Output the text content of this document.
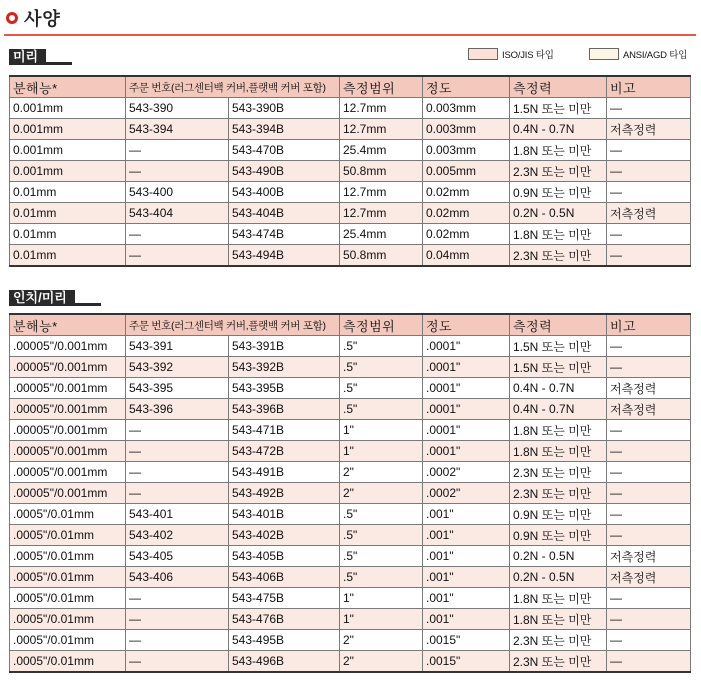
사양
미리	ISO/JIS 타입	ANSI/AGD 타입
분해능*	주문 번호(러그센터백 커버,플랫백 커버 포함)		측정범위	정도	측정력	비고
0.001mm	543-390	543-390B	12.7mm	0.003mm	1.5N 또는 미만	—
0.001mm	543-394	543-394B	12.7mm	0.003mm	0.4N - 0.7N	저측정력
0.001mm	—	543-470B	25.4mm	0.003mm	1.8N 또는 미만	—
0.001mm	—	543-490B	50.8mm	0.005mm	2.3N 또는 미만	—
0.01mm	543-400	543-400B	12.7mm	0.02mm	0.9N 또는 미만	—
0.01mm	543-404	543-404B	12.7mm	0.02mm	0.2N - 0.5N	저측정력
0.01mm	—	543-474B	25.4mm	0.02mm	1.8N 또는 미만	—
0.01mm	—	543-494B	50.8mm	0.04mm	2.3N 또는 미만	—
인치/미리
분해능*	주문 번호(러그센터백 커버,플랫백 커버 포함)		측정범위	정도	측정력	비고
.00005"/0.001mm	543-391	543-391B	.5"	.0001"	1.5N 또는 미만	—
.00005"/0.001mm	543-392	543-392B	.5"	.0001"	1.5N 또는 미만	—
.00005"/0.001mm	543-395	543-395B	.5"	.0001"	0.4N - 0.7N	저측정력
.00005"/0.001mm	543-396	543-396B	.5"	.0001"	0.4N - 0.7N	저측정력
.00005"/0.001mm	—	543-471B	1"	.0001"	1.8N 또는 미만	—
.00005"/0.001mm	—	543-472B	1"	.0001"	1.8N 또는 미만	—
.00005"/0.001mm	—	543-491B	2"	.0002"	2.3N 또는 미만	—
.00005"/0.001mm	—	543-492B	2"	.0002"	2.3N 또는 미만	—
.0005"/0.01mm	543-401	543-401B	.5"	.001"	0.9N 또는 미만	—
.0005"/0.01mm	543-402	543-402B	.5"	.001"	0.9N 또는 미만	—
.0005"/0.01mm	543-405	543-405B	.5"	.001"	0.2N - 0.5N	저측정력
.0005"/0.01mm	543-406	543-406B	.5"	.001"	0.2N - 0.5N	저측정력
.0005"/0.01mm	—	543-475B	1"	.001"	1.8N 또는 미만	—
.0005"/0.01mm	—	543-476B	1"	.001"	1.8N 또는 미만	—
.0005"/0.01mm	—	543-495B	2"	.0015"	2.3N 또는 미만	—
.0005"/0.01mm	—	543-496B	2"	.0015"	2.3N 또는 미만	—
